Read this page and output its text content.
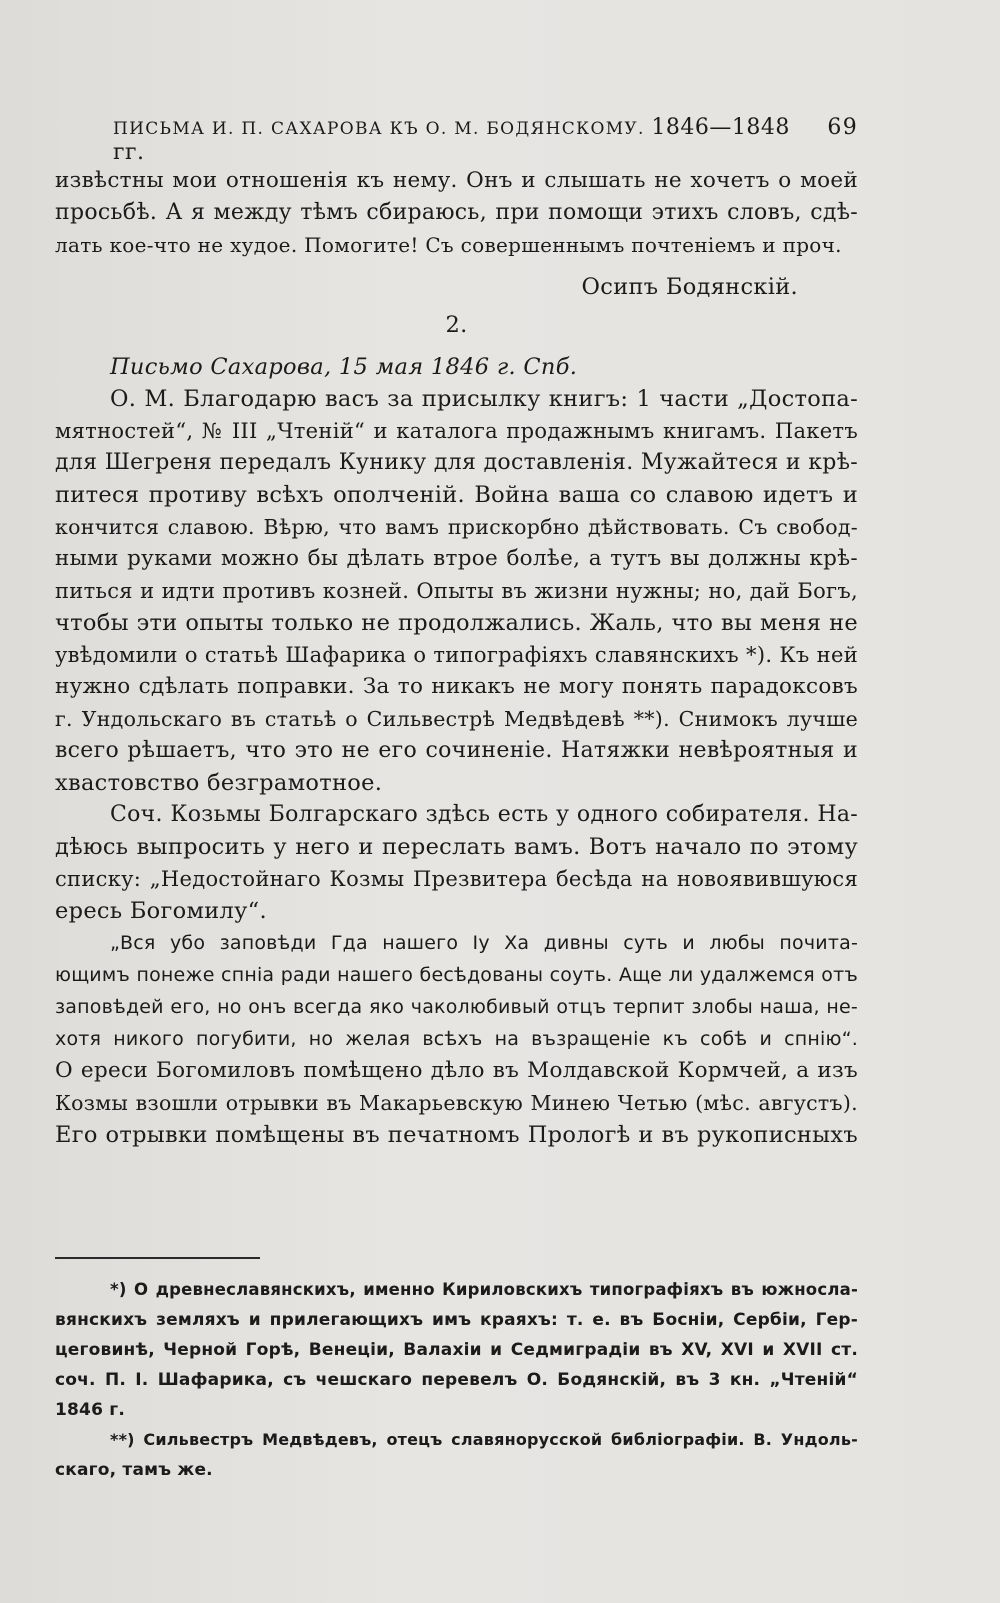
ПИСЬМА И. П. САХАРОВА КЪ О. М. БОДЯНСКОМУ. 1846—1848 гг.
69
извѣстны мои отношенія къ нему. Онъ и слышать не хочетъ о моей
просьбѣ. А я между тѣмъ сбираюсь, при помощи этихъ словъ, сдѣ-
лать кое-что не худое. Помогите! Съ совершеннымъ почтеніемъ и проч.
Осипъ Бодянскій.
2.
Письмо Сахарова, 15 мая 1846 г. Спб.
О. М. Благодарю васъ за присылку книгъ: 1 части „Достопа-
мятностей“, № III „Чтеній“ и каталога продажнымъ книгамъ. Пакетъ
для Шегреня передалъ Кунику для доставленія. Мужайтеся и крѣ-
питеся противу всѣхъ ополченій. Война ваша со славою идетъ и
кончится славою. Вѣрю, что вамъ прискорбно дѣйствовать. Съ свобод-
ными руками можно бы дѣлать втрое болѣе, а тутъ вы должны крѣ-
питься и идти противъ козней. Опыты въ жизни нужны; но, дай Богъ,
чтобы эти опыты только не продолжались. Жаль, что вы меня не
увѣдомили о статьѣ Шафарика о типографіяхъ славянскихъ *). Къ ней
нужно сдѣлать поправки. За то никакъ не могу понять парадоксовъ
г. Ундольскаго въ статьѣ о Сильвестрѣ Медвѣдевѣ **). Снимокъ лучше
всего рѣшаетъ, что это не его сочиненіе. Натяжки невѣроятныя и
хвастовство безграмотное.
Соч. Козьмы Болгарскаго здѣсь есть у одного собирателя. На-
дѣюсь выпросить у него и переслать вамъ. Вотъ начало по этому
списку: „Недостойнаго Козмы Презвитера бесѣда на новоявившуюся
ересь Богомилу“.
„Вся убо заповѣди Гда нашего Іу Ха дивны суть и любы почита-
ющимъ понеже спніа ради нашего бесѣдованы соуть. Аще ли удалжемся отъ
заповѣдей его, но онъ всегда яко чаколюбивый отцъ терпит злобы наша, не-
хотя никого погубити, но желая всѣхъ на възращеніе къ собѣ и спнію“.
О ереси Богомиловъ помѣщено дѣло въ Молдавской Кормчей, а изъ
Козмы взошли отрывки въ Макарьевскую Минею Четью (мѣс. августъ).
Его отрывки помѣщены въ печатномъ Прологѣ и въ рукописныхъ
*) О древнеславянскихъ, именно Кириловскихъ типографіяхъ въ южносла-
вянскихъ земляхъ и прилегающихъ имъ краяхъ: т. е. въ Босніи, Сербіи, Гер-
цеговинѣ, Черной Горѣ, Венеціи, Валахіи и Седмиградіи въ XV, XVI и XVII ст.
соч. П. І. Шафарика, съ чешскаго перевелъ О. Бодянскій, въ 3 кн. „Чтеній“
1846 г.
**) Сильвестръ Медвѣдевъ, отецъ славянорусской библіографіи. В. Ундоль-
скаго, тамъ же.
